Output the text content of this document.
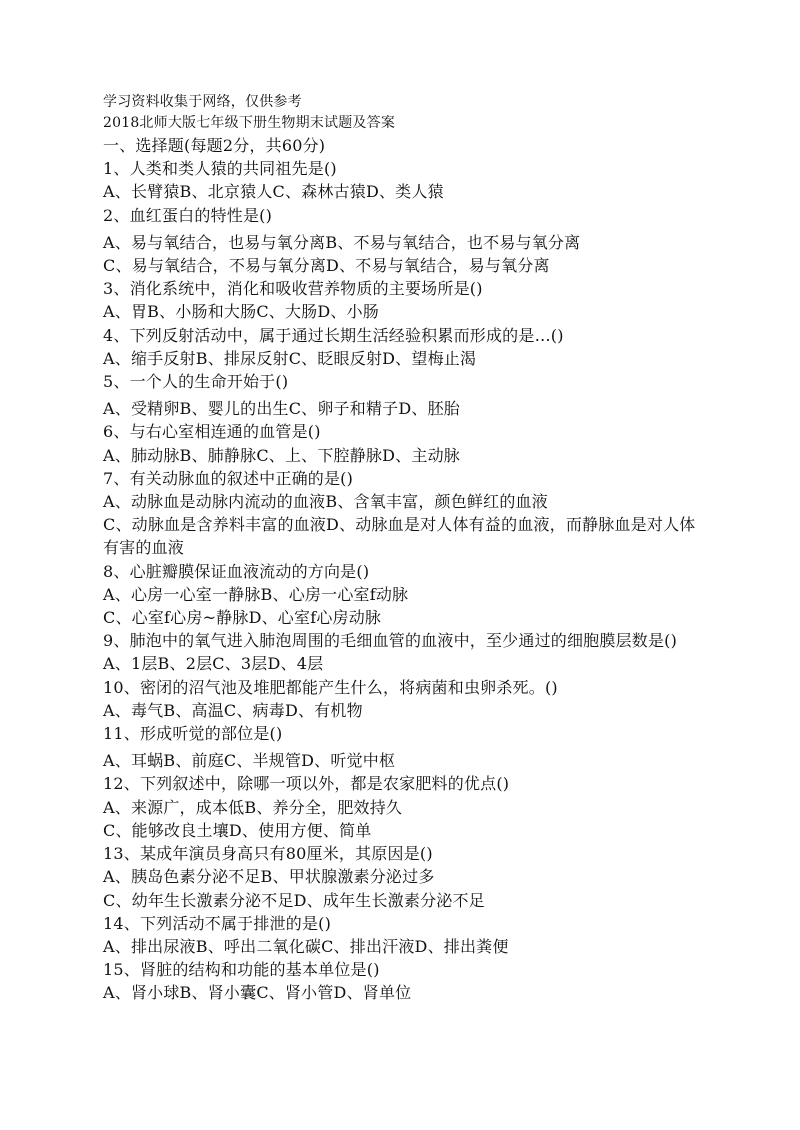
学习资料收集于网络，仅供参考
2018北师大版七年级下册生物期末试题及答案
一、选择题(每题2分，共60分)
1、人类和类人猿的共同祖先是()
A、长臂猿B、北京猿人C、森林古猿D、类人猿
2、血红蛋白的特性是()
A、易与氧结合，也易与氧分离B、不易与氧结合，也不易与氧分离
C、易与氧结合，不易与氧分离D、不易与氧结合，易与氧分离
3、消化系统中，消化和吸收营养物质的主要场所是()
A、胃B、小肠和大肠C、大肠D、小肠
4、下列反射活动中，属于通过长期生活经验积累而形成的是…()
A、缩手反射B、排尿反射C、眨眼反射D、望梅止渴
5、一个人的生命开始于()
A、受精卵B、婴儿的出生C、卵子和精子D、胚胎
6、与右心室相连通的血管是()
A、肺动脉B、肺静脉C、上、下腔静脉D、主动脉
7、有关动脉血的叙述中正确的是()
A、动脉血是动脉内流动的血液B、含氧丰富，颜色鲜红的血液
C、动脉血是含养料丰富的血液D、动脉血是对人体有益的血液，而静脉血是对人体有害的血液
8、心脏瓣膜保证血液流动的方向是()
A、心房一心室一静脉B、心房一心室f动脉
C、心室f心房~静脉D、心室f心房动脉
9、肺泡中的氧气进入肺泡周围的毛细血管的血液中，至少通过的细胞膜层数是()
A、1层B、2层C、3层D、4层
10、密闭的沼气池及堆肥都能产生什么，将病菌和虫卵杀死。()
A、毒气B、高温C、病毒D、有机物
11、形成听觉的部位是()
A、耳蜗B、前庭C、半规管D、听觉中枢
12、下列叙述中，除哪一项以外，都是农家肥料的优点()
A、来源广，成本低B、养分全，肥效持久
C、能够改良土壤D、使用方便、简单
13、某成年演员身高只有80厘米，其原因是()
A、胰岛色素分泌不足B、甲状腺激素分泌过多
C、幼年生长激素分泌不足D、成年生长激素分泌不足
14、下列活动不属于排泄的是()
A、排出尿液B、呼出二氧化碳C、排出汗液D、排出粪便
15、肾脏的结构和功能的基本单位是()
A、肾小球B、肾小囊C、肾小管D、肾单位
